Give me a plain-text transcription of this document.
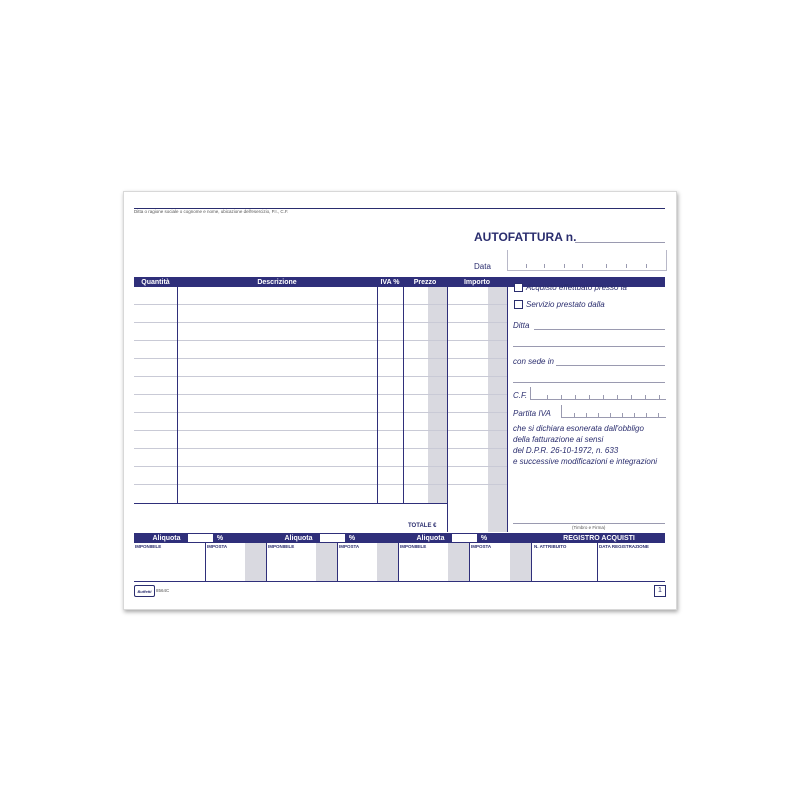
Ditta o ragione sociale o cognome e nome, ubicazione dell'esercizio, P.I., C.F.
AUTOFATTURA n.
Data
Quantità	Descrizione	IVA %	Prezzo	Importo
TOTALE €
Acquisto effettuato presso la
Servizio prestato dalla
Ditta
con sede in
C.F.
Partita IVA
che si dichiara esonerata dall'obbligo
della fatturazione ai sensi
del D.P.R. 26-10-1972, n. 633
e successive modificazioni e integrazioni
(Timbro e Firma)
Aliquota	%	Aliquota	%	Aliquota	%	REGISTRO ACQUISTI
IMPONIBILE	IMPOSTA	IMPONIBILE	IMPOSTA	IMPONIBILE	IMPOSTA	N. ATTRIBUITO	DATA REGISTRAZIONE
Buffetti 8564C	1
